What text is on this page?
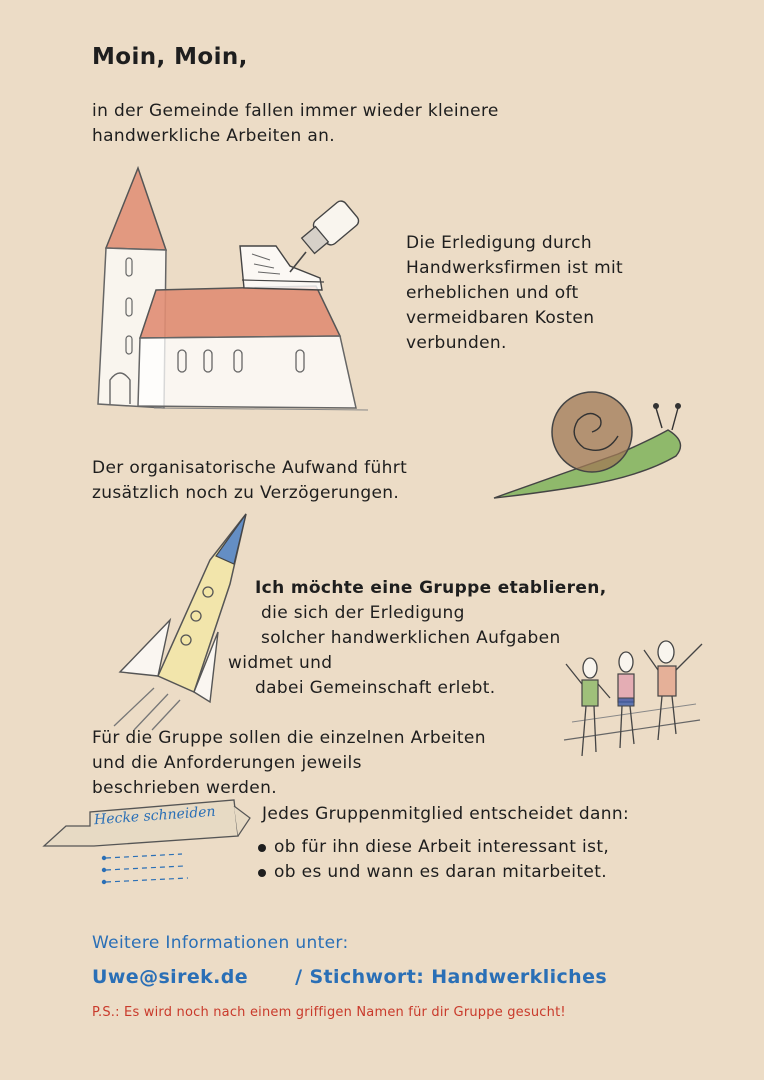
Moin, Moin,

in der Gemeinde fallen immer wieder kleinere

handwerkliche Arbeiten an.

Die Erledigung durch

Handwerksfirmen ist mit

erheblichen und oft

vermeidbaren Kosten

verbunden.

Der organisatorische Aufwand führt

zusätzlich noch zu Verzögerungen.

Ich möchte eine Gruppe etablieren,

die sich der Erledigung

solcher handwerklichen Aufgaben

widmet und

dabei Gemeinschaft erlebt.

Für die Gruppe sollen die einzelnen Arbeiten

und die Anforderungen jeweils

beschrieben werden.

Hecke schneiden	Jedes Gruppenmitglied entscheidet dann:

ob für ihn diese Arbeit interessant ist,
ob es und wann es daran mitarbeitet.

Weitere Informationen unter:

Uwe@sirek.de / Stichwort: Handwerkliches

P.S.: Es wird noch nach einem griffigen Namen für dir Gruppe gesucht!
